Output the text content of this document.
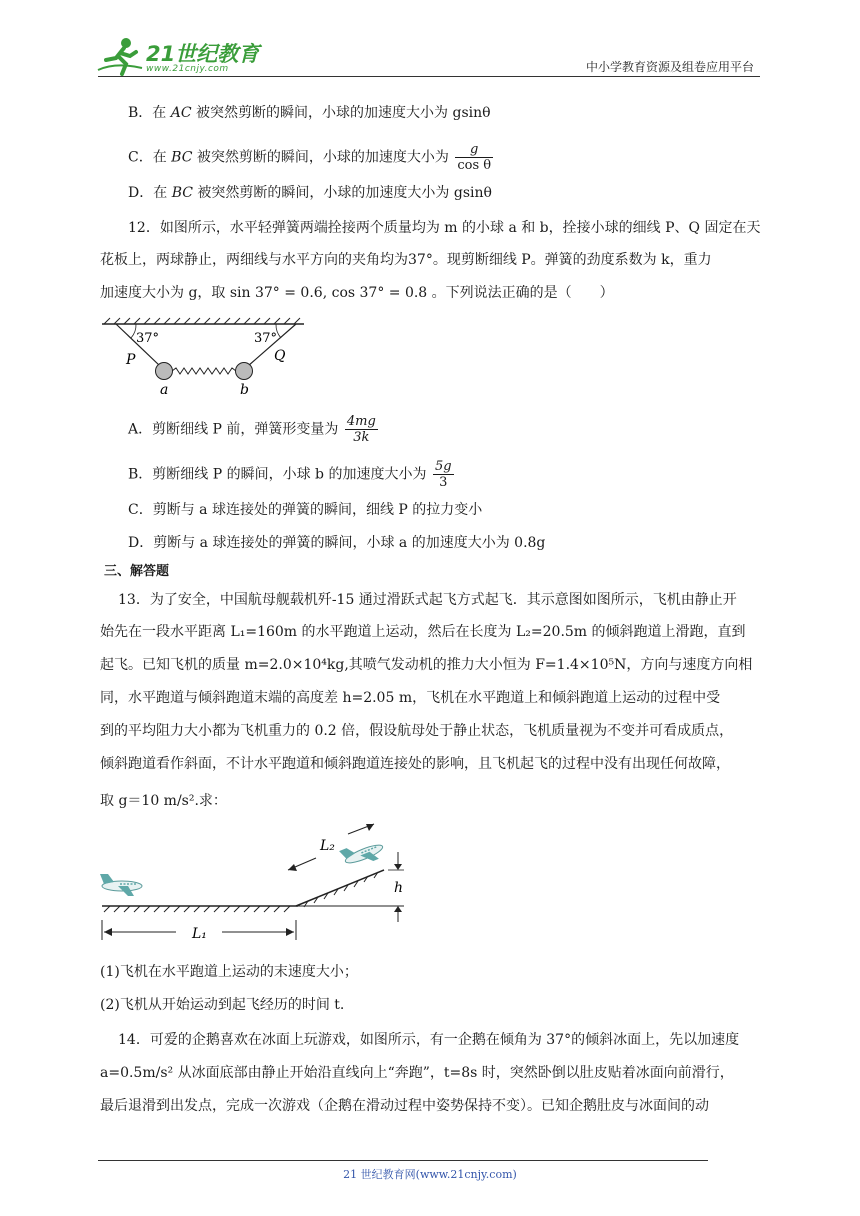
21世纪教育
www.21cnjy.com	中小学教育资源及组卷应用平台
B．在 AC 被突然剪断的瞬间，小球的加速度大小为 gsinθ
C．在 BC 被突然剪断的瞬间，小球的加速度大小为 $\frac{g}{\text{cos θ}}$
D．在 BC 被突然剪断的瞬间，小球的加速度大小为 gsinθ
12．如图所示，水平轻弹簧两端拴接两个质量均为 m 的小球 a 和 b，拴接小球的细线 P、Q 固定在天
花板上，两球静止，两细线与水平方向的夹角均为37°。现剪断细线 P。弹簧的劲度系数为 k，重力
加速度大小为 g，取 sin 37° = 0.6, cos 37° = 0.8 。下列说法正确的是（　　）
37°	37°
P	Q
a	b
A．剪断细线 P 前，弹簧形变量为 $\frac{4mg}{3k}$
B．剪断细线 P 的瞬间，小球 b 的加速度大小为 $\frac{5g}{3}$
C．剪断与 a 球连接处的弹簧的瞬间，细线 P 的拉力变小
D．剪断与 a 球连接处的弹簧的瞬间，小球 a 的加速度大小为 0.8g
三、解答题
13．为了安全，中国航母舰载机歼-15 通过滑跃式起飞方式起飞．其示意图如图所示，飞机由静止开
始先在一段水平距离 L₁=160m 的水平跑道上运动，然后在长度为 L₂=20.5m 的倾斜跑道上滑跑，直到
起飞。已知飞机的质量 m=2.0×10⁴kg,其喷气发动机的推力大小恒为 F=1.4×10⁵N，方向与速度方向相
同，水平跑道与倾斜跑道末端的高度差 h=2.05 m，飞机在水平跑道上和倾斜跑道上运动的过程中受
到的平均阻力大小都为飞机重力的 0.2 倍，假设航母处于静止状态，飞机质量视为不变并可看成质点，
倾斜跑道看作斜面，不计水平跑道和倾斜跑道连接处的影响，且飞机起飞的过程中没有出现任何故障，
取 g＝10 m/s².求：
L₁
L₂
h
(1)飞机在水平跑道上运动的末速度大小；
(2)飞机从开始运动到起飞经历的时间 t.
14．可爱的企鹅喜欢在冰面上玩游戏，如图所示，有一企鹅在倾角为 37°的倾斜冰面上，先以加速度
a=0.5m/s² 从冰面底部由静止开始沿直线向上“奔跑”，t=8s 时，突然卧倒以肚皮贴着冰面向前滑行，
最后退滑到出发点，完成一次游戏（企鹅在滑动过程中姿势保持不变）。已知企鹅肚皮与冰面间的动
21 世纪教育网(www.21cnjy.com)
